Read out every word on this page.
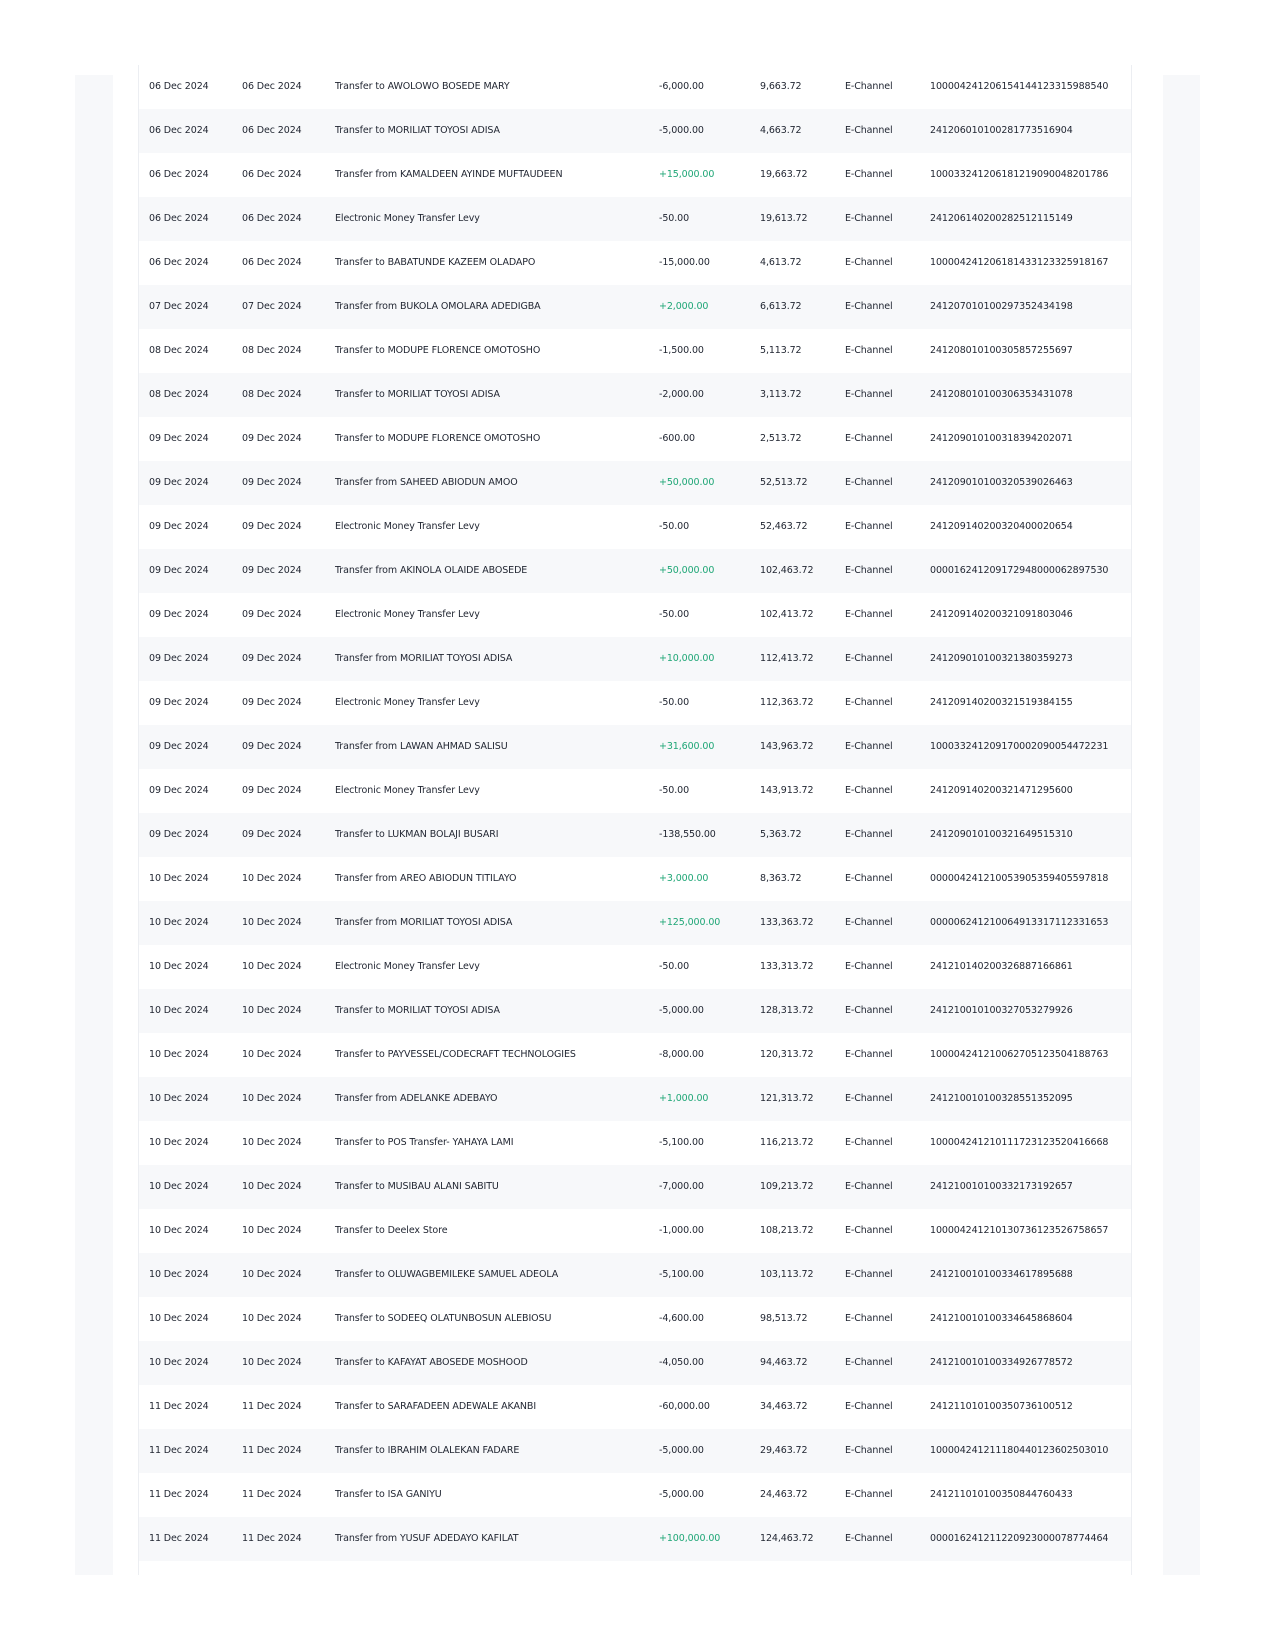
06 Dec 2024	06 Dec 2024	Transfer to AWOLOWO BOSEDE MARY	-6,000.00	9,663.72	E-Channel	100004241206154144123315988540
06 Dec 2024	06 Dec 2024	Transfer to MORILIAT TOYOSI ADISA	-5,000.00	4,663.72	E-Channel	241206010100281773516904
06 Dec 2024	06 Dec 2024	Transfer from KAMALDEEN AYINDE MUFTAUDEEN	+15,000.00	19,663.72	E-Channel	100033241206181219090048201786
06 Dec 2024	06 Dec 2024	Electronic Money Transfer Levy	-50.00	19,613.72	E-Channel	241206140200282512115149
06 Dec 2024	06 Dec 2024	Transfer to BABATUNDE KAZEEM OLADAPO	-15,000.00	4,613.72	E-Channel	100004241206181433123325918167
07 Dec 2024	07 Dec 2024	Transfer from BUKOLA OMOLARA ADEDIGBA	+2,000.00	6,613.72	E-Channel	241207010100297352434198
08 Dec 2024	08 Dec 2024	Transfer to MODUPE FLORENCE OMOTOSHO	-1,500.00	5,113.72	E-Channel	241208010100305857255697
08 Dec 2024	08 Dec 2024	Transfer to MORILIAT TOYOSI ADISA	-2,000.00	3,113.72	E-Channel	241208010100306353431078
09 Dec 2024	09 Dec 2024	Transfer to MODUPE FLORENCE OMOTOSHO	-600.00	2,513.72	E-Channel	241209010100318394202071
09 Dec 2024	09 Dec 2024	Transfer from SAHEED ABIODUN AMOO	+50,000.00	52,513.72	E-Channel	241209010100320539026463
09 Dec 2024	09 Dec 2024	Electronic Money Transfer Levy	-50.00	52,463.72	E-Channel	241209140200320400020654
09 Dec 2024	09 Dec 2024	Transfer from AKINOLA OLAIDE ABOSEDE	+50,000.00	102,463.72	E-Channel	000016241209172948000062897530
09 Dec 2024	09 Dec 2024	Electronic Money Transfer Levy	-50.00	102,413.72	E-Channel	241209140200321091803046
09 Dec 2024	09 Dec 2024	Transfer from MORILIAT TOYOSI ADISA	+10,000.00	112,413.72	E-Channel	241209010100321380359273
09 Dec 2024	09 Dec 2024	Electronic Money Transfer Levy	-50.00	112,363.72	E-Channel	241209140200321519384155
09 Dec 2024	09 Dec 2024	Transfer from LAWAN AHMAD SALISU	+31,600.00	143,963.72	E-Channel	100033241209170002090054472231
09 Dec 2024	09 Dec 2024	Electronic Money Transfer Levy	-50.00	143,913.72	E-Channel	241209140200321471295600
09 Dec 2024	09 Dec 2024	Transfer to LUKMAN BOLAJI BUSARI	-138,550.00	5,363.72	E-Channel	241209010100321649515310
10 Dec 2024	10 Dec 2024	Transfer from AREO ABIODUN TITILAYO	+3,000.00	8,363.72	E-Channel	000004241210053905359405597818
10 Dec 2024	10 Dec 2024	Transfer from MORILIAT TOYOSI ADISA	+125,000.00	133,363.72	E-Channel	000006241210064913317112331653
10 Dec 2024	10 Dec 2024	Electronic Money Transfer Levy	-50.00	133,313.72	E-Channel	241210140200326887166861
10 Dec 2024	10 Dec 2024	Transfer to MORILIAT TOYOSI ADISA	-5,000.00	128,313.72	E-Channel	241210010100327053279926
10 Dec 2024	10 Dec 2024	Transfer to PAYVESSEL/CODECRAFT TECHNOLOGIES	-8,000.00	120,313.72	E-Channel	100004241210062705123504188763
10 Dec 2024	10 Dec 2024	Transfer from ADELANKE ADEBAYO	+1,000.00	121,313.72	E-Channel	241210010100328551352095
10 Dec 2024	10 Dec 2024	Transfer to POS Transfer- YAHAYA LAMI	-5,100.00	116,213.72	E-Channel	100004241210111723123520416668
10 Dec 2024	10 Dec 2024	Transfer to MUSIBAU ALANI SABITU	-7,000.00	109,213.72	E-Channel	241210010100332173192657
10 Dec 2024	10 Dec 2024	Transfer to Deelex Store	-1,000.00	108,213.72	E-Channel	100004241210130736123526758657
10 Dec 2024	10 Dec 2024	Transfer to OLUWAGBEMILEKE SAMUEL ADEOLA	-5,100.00	103,113.72	E-Channel	241210010100334617895688
10 Dec 2024	10 Dec 2024	Transfer to SODEEQ OLATUNBOSUN ALEBIOSU	-4,600.00	98,513.72	E-Channel	241210010100334645868604
10 Dec 2024	10 Dec 2024	Transfer to KAFAYAT ABOSEDE MOSHOOD	-4,050.00	94,463.72	E-Channel	241210010100334926778572
11 Dec 2024	11 Dec 2024	Transfer to SARAFADEEN ADEWALE AKANBI	-60,000.00	34,463.72	E-Channel	241211010100350736100512
11 Dec 2024	11 Dec 2024	Transfer to IBRAHIM OLALEKAN FADARE	-5,000.00	29,463.72	E-Channel	100004241211180440123602503010
11 Dec 2024	11 Dec 2024	Transfer to ISA GANIYU	-5,000.00	24,463.72	E-Channel	241211010100350844760433
11 Dec 2024	11 Dec 2024	Transfer from YUSUF ADEDAYO KAFILAT	+100,000.00	124,463.72	E-Channel	000016241211220923000078774464
